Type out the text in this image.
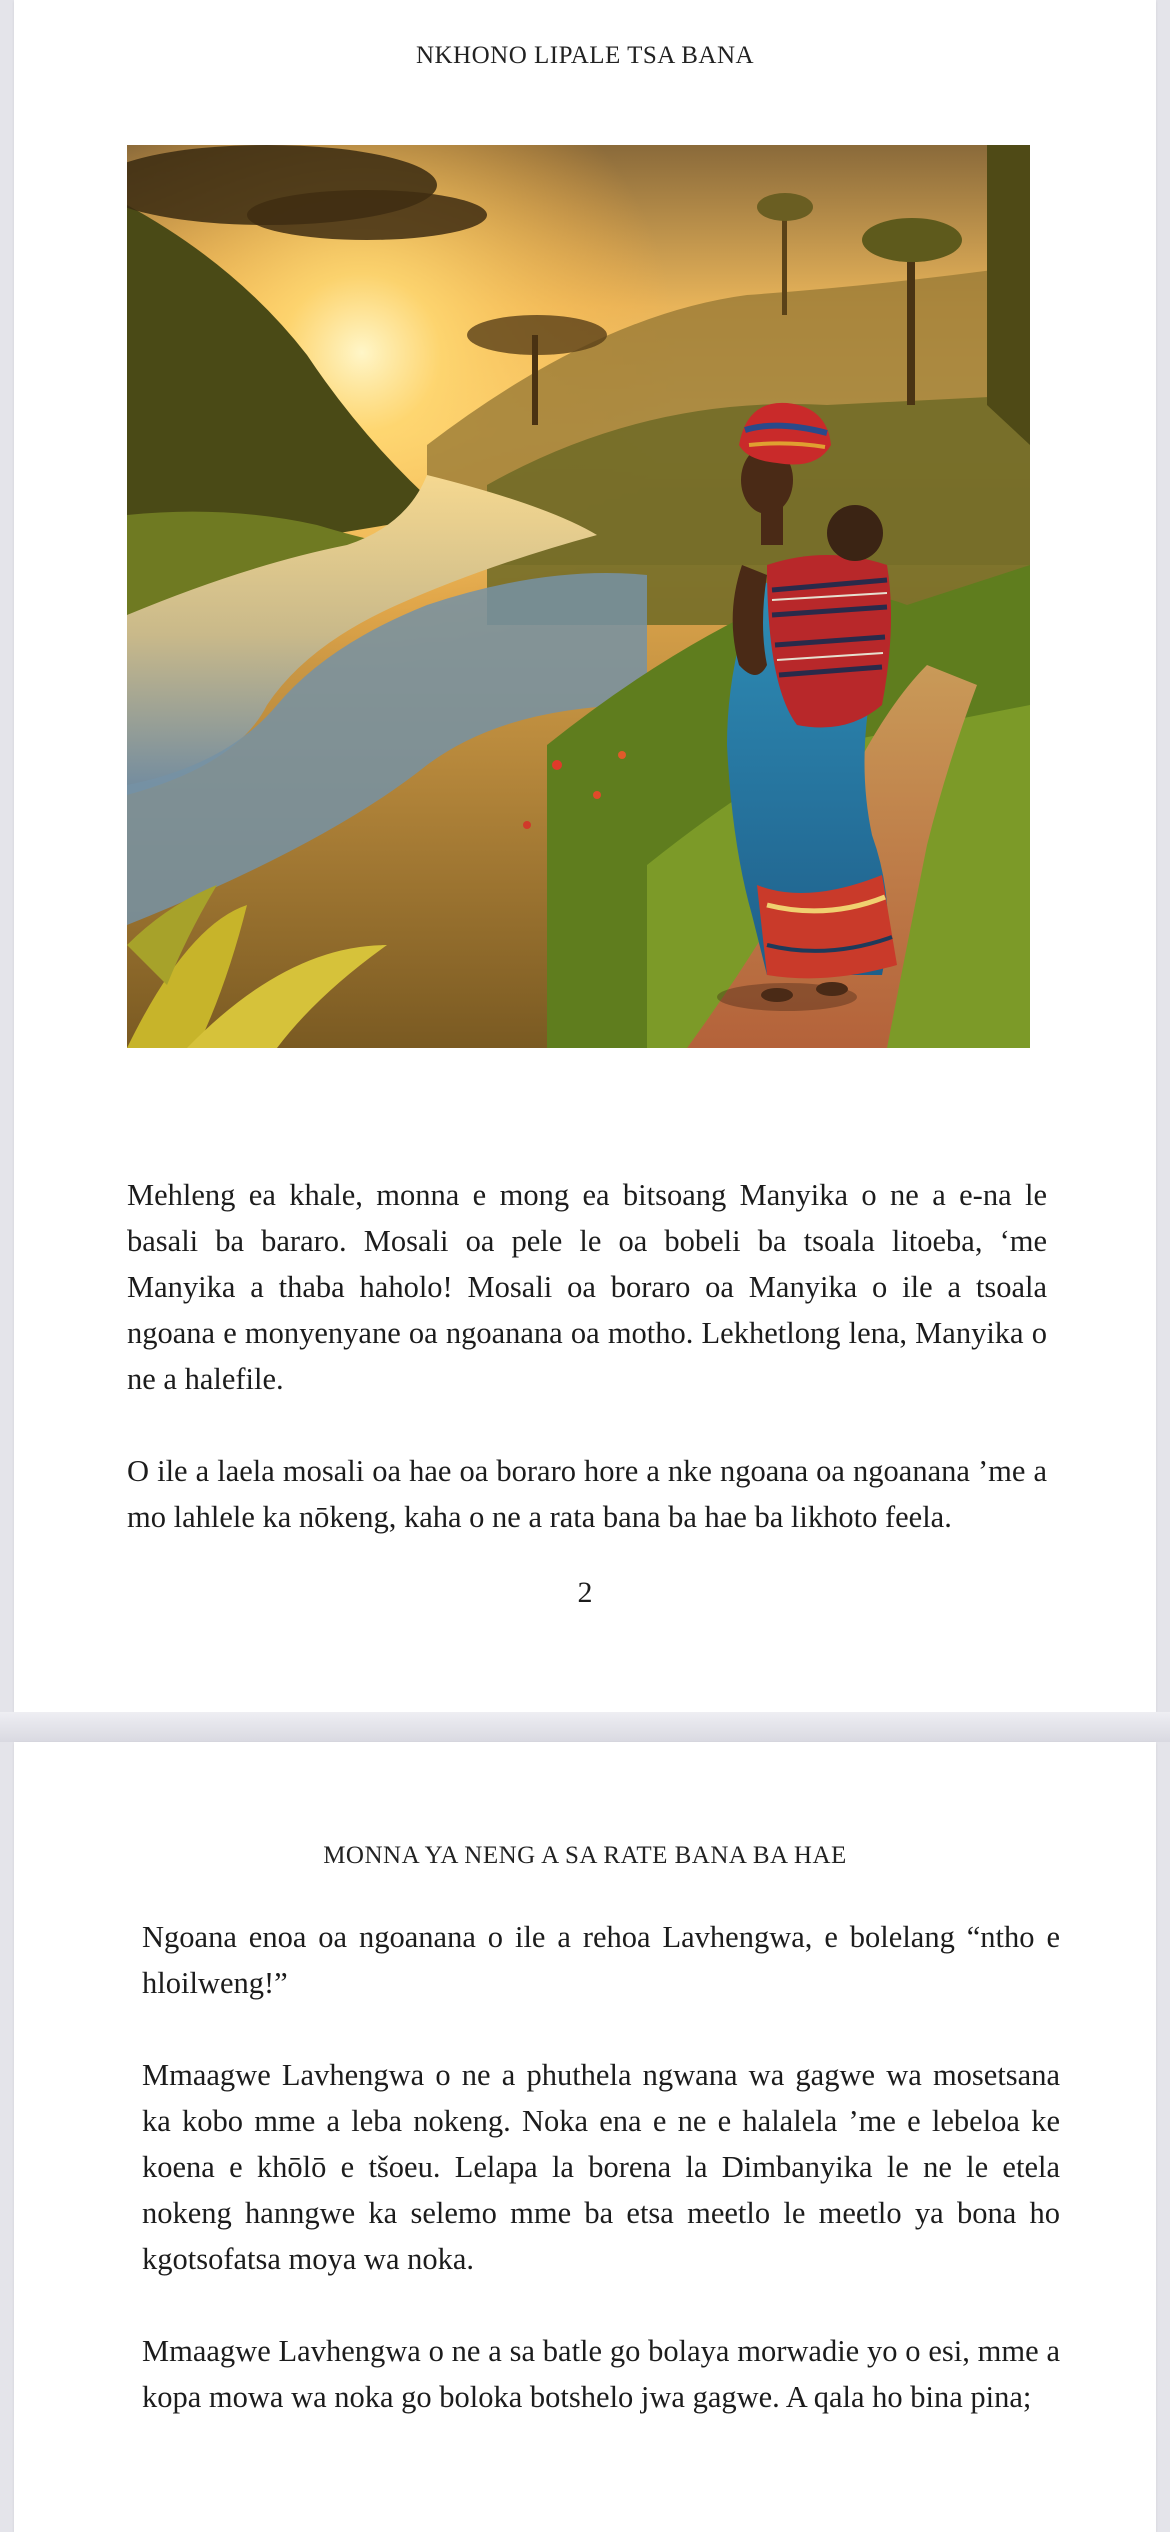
NKHONO LIPALE TSA BANA

Mehleng ea khale, monna e mong ea bitsoang Manyika o ne a e-na le basali ba bararo. Mosali oa pele le oa bobeli ba tsoala litoeba, ‘me Manyika a thaba haholo! Mosali oa boraro oa Manyika o ile a tsoala ngoana e monyenyane oa ngoanana oa motho. Lekhetlong lena, Manyika o ne a halefile.

O ile a laela mosali oa hae oa boraro hore a nke ngoana oa ngoanana ’me a mo lahlele ka nōkeng, kaha o ne a rata bana ba hae ba likhoto feela.

2
MONNA YA NENG A SA RATE BANA BA HAE

Ngoana enoa oa ngoanana o ile a rehoa Lavhengwa, e bolelang “ntho e hloilweng!”

Mmaagwe Lavhengwa o ne a phuthela ngwana wa gagwe wa mosetsana ka kobo mme a leba nokeng. Noka ena e ne e halalela ’me e lebeloa ke koena e khōlō e tšoeu. Lelapa la borena la Dimbanyika le ne le etela nokeng hanngwe ka selemo mme ba etsa meetlo le meetlo ya bona ho kgotsofatsa moya wa noka.

Mmaagwe Lavhengwa o ne a sa batle go bolaya morwadie yo o esi, mme a kopa mowa wa noka go boloka botshelo jwa gagwe. A qala ho bina pina;
